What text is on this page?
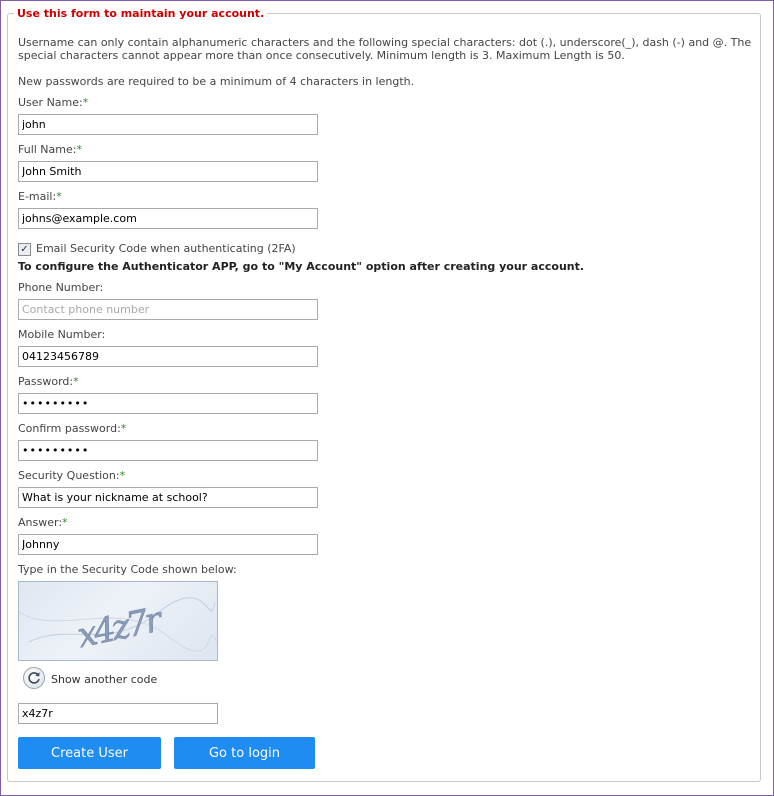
Use this form to maintain your account.
Username can only contain alphanumeric characters and the following special characters: dot (.), underscore(_), dash (-) and @. The special characters cannot appear more than once consecutively. Minimum length is 3. Maximum Length is 50.
New passwords are required to be a minimum of 4 characters in length.
User Name:*
john
Full Name:*
John Smith
E-mail:*
johns@example.com
✓ Email Security Code when authenticating (2FA)
To configure the Authenticator APP, go to "My Account" option after creating your account.
Phone Number:
Contact phone number
Mobile Number:
04123456789
Password:*
•••••••••
Confirm password:*
•••••••••
Security Question:*
What is your nickname at school?
Answer:*
Johnny
Type in the Security Code shown below:
x4z7r
Show another code
x4z7r
Create User	Go to login
